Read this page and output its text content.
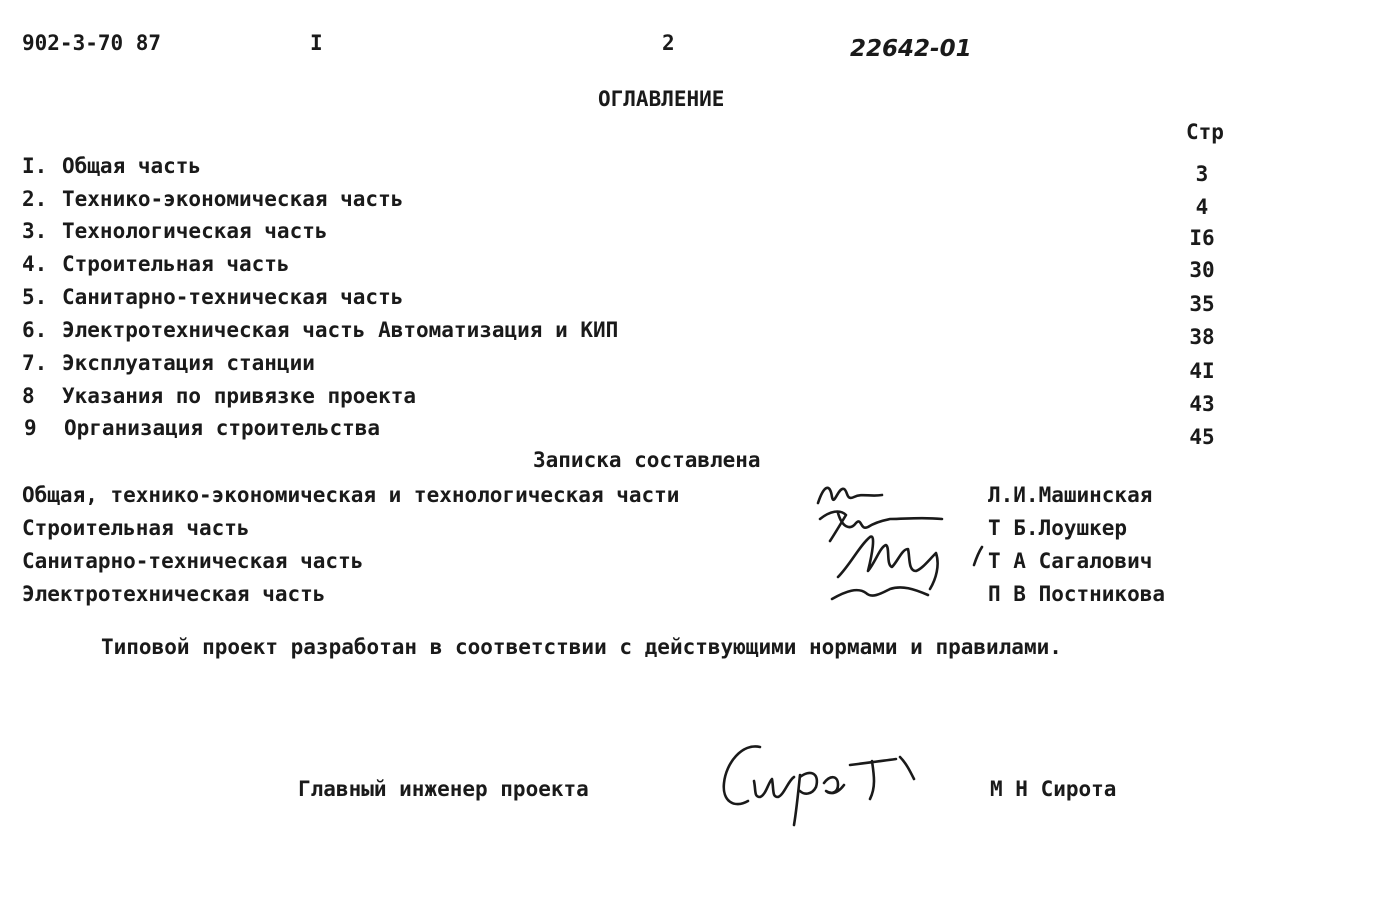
902-3-70 87	I	2	22642-01
ОГЛАВЛЕНИЕ
Стр
I. Общая часть	3
2. Технико-экономическая часть	4
3. Технологическая часть	I6
4. Строительная часть	30
5. Санитарно-техническая часть	35
6. Электротехническая часть Автоматизация и КИП	38
7. Эксплуатация станции	4I
8 Указания по привязке проекта	43
9 Организация строительства	45
Записка составлена
Общая, технико-экономическая и технологическая части	Л.И.Машинская
Строительная часть	Т Б.Лоушкер
Санитарно-техническая часть	Т А Сагалович
Электротехническая часть	П В Постникова
Типовой проект разработан в соответствии с действующими нормами и правилами.
Главный инженер проекта	М Н Сирота
